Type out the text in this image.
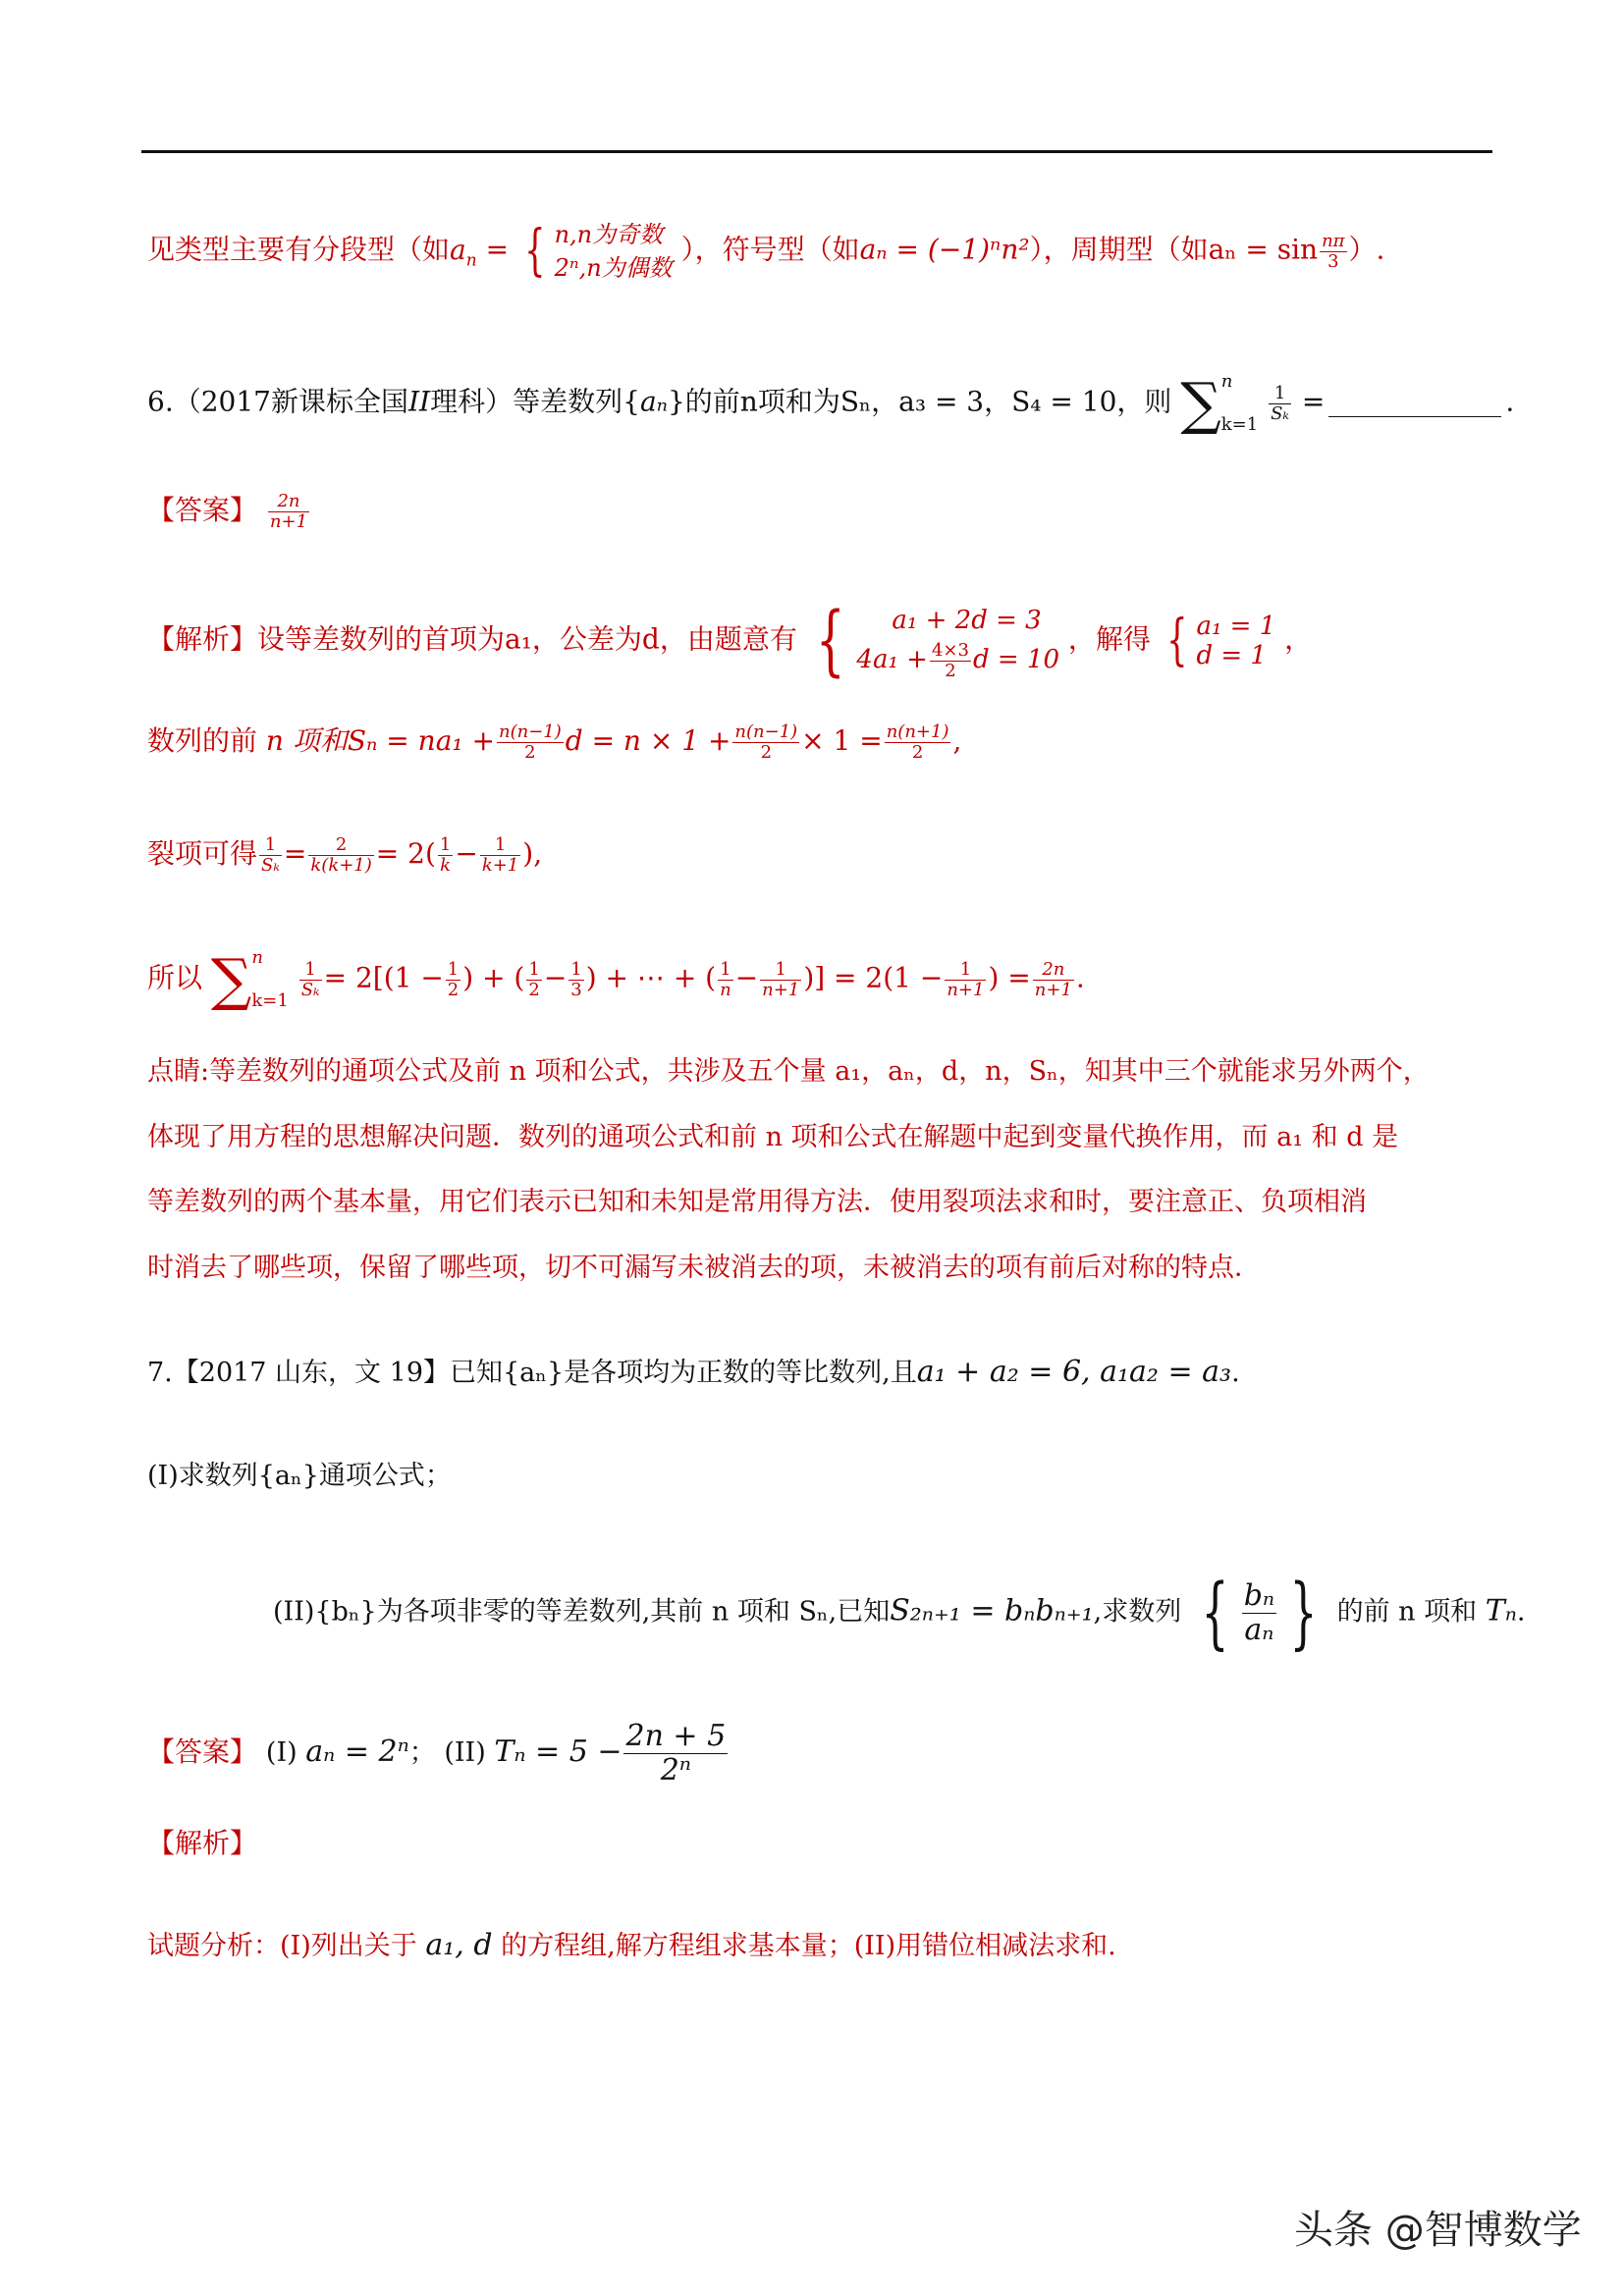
见类型主要有分段型（如$a_n$ = { n,n为奇数
2ⁿ,n为偶数
），符号型（如aₙ = (−1)ⁿn²），周期型（如$a_n = \sin \frac{n\pi}{3}$ ）.
6.（2017新课标全国II理科）等差数列{aₙ}的前n项和为Sₙ，a₃ = 3，S₄ = 10，则 ∑ n
k=1

$\frac{1}{\text{Sₖ}}$ =	.
【答案】 $\frac{2n}{n+1}$
【解析】设等差数列的首项为a₁，公差为d，由题意有 {	a₁ + 2d = 3
$4a_1 + \frac{4\times 3}{2}$ d = 10
，解得 { a₁ = 1
d = 1
，
数列的前 n 项和$S_n = na_1 + \frac{n(n-1)}{2}$ $d = n \times 1 + \frac{n(n-1)}{2} \times 1 = \frac{n(n+1)}{2}$ ,
裂项可得 $\frac{1}{\text{Sₖ}} = \frac{2}{k(k+1)} = 2( \frac{1}{k} - \frac{1}{k+1}$ ),
所以 ∑ n
k=1

$\frac{1}{\text{Sₖ}} = 2[(1 - \frac{1}{2}$ ) + ( $\frac{1}{2} - \frac{1}{3}$ ) + ⋯ + ( $\frac{1}{n} - \frac{1}{n+1}$ )] = $2(1 - \frac{1}{n+1}$ ) = $\frac{2n}{n+1}$ .
点睛:等差数列的通项公式及前 n 项和公式，共涉及五个量 a₁，aₙ，d，n，Sₙ，知其中三个就能求另外两个，
体现了用方程的思想解决问题．数列的通项公式和前 n 项和公式在解题中起到变量代换作用，而 a₁ 和 d 是
等差数列的两个基本量，用它们表示已知和未知是常用得方法．使用裂项法求和时，要注意正、负项相消
时消去了哪些项，保留了哪些项，切不可漏写未被消去的项，未被消去的项有前后对称的特点．
7.【2017 山东，文 19】已知{aₙ}是各项均为正数的等比数列,且a₁ + a₂ = 6, a₁a₂ = a₃.
(I)求数列{aₙ}通项公式；
(II){bₙ}为各项非零的等差数列,其前 n 项和 Sₙ,已知S₂ₙ₊₁ = bₙbₙ₊₁,求数列 { $\frac{\text{bₙ}}{\text{aₙ}}$ } 的前 n 项和 Tₙ.
【答案】 (I) aₙ = 2ⁿ； (II) $T_n = 5 - \frac{2n + 5}{\text{2ⁿ}}$
【解析】
试题分析：(I)列出关于 a₁, d 的方程组,解方程组求基本量；(II)用错位相减法求和.
头条 @智博数学
